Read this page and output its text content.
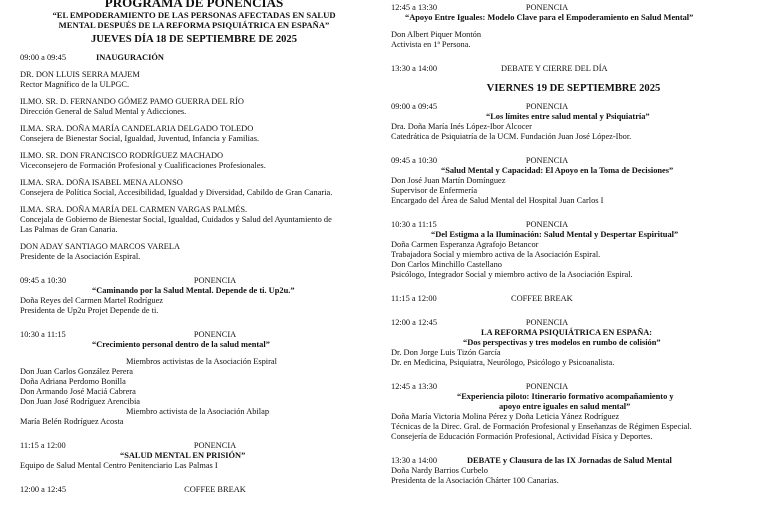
PROGRAMA DE PONENCIAS
“EL EMPODERAMIENTO DE LAS PERSONAS AFECTADAS EN SALUD
MENTAL DESPUÉS DE LA REFORMA PSIQUIÁTRICA EN ESPAÑA”
JUEVES DÍA 18 DE SEPTIEMBRE DE 2025
09:00 a 09:45	INAUGURACIÓN
DR. DON LLUIS SERRA MAJEM
Rector Magnífico de la ULPGC.
ILMO. SR. D. FERNANDO GÓMEZ PAMO GUERRA DEL RÍO
Dirección General de Salud Mental y Adicciones.
ILMA. SRA. DOÑA MARÍA CANDELARIA DELGADO TOLEDO
Consejera de Bienestar Social, Igualdad, Juventud, Infancia y Familias.
ILMO. SR. DON FRANCISCO RODRÍGUEZ MACHADO
Viceconsejero de Formación Profesional y Cualificaciones Profesionales.
ILMA. SRA. DOÑA ISABEL MENA ALONSO
Consejera de Política Social, Accesibilidad, Igualdad y Diversidad, Cabildo de Gran Canaria.
ILMA. SRA. DOÑA MARÍA DEL CARMEN VARGAS PALMÉS.
Concejala de Gobierno de Bienestar Social, Igualdad, Cuidados y Salud del Ayuntamiento de
Las Palmas de Gran Canaria.
DON ADAY SANTIAGO MARCOS VARELA
Presidente de la Asociación Espiral.
09:45 a 10:30	PONENCIA
“Caminando por la Salud Mental. Depende de ti. Up2u.”
Doña Reyes del Carmen Martel Rodríguez
Presidenta de Up2u Projet Depende de ti.
10:30 a 11:15	PONENCIA
“Crecimiento personal dentro de la salud mental”
Miembros activistas de la Asociación Espiral
Don Juan Carlos González Perera
Doña Adriana Perdomo Bonilla
Don Armando José Maciá Cabrera
Don Juan José Rodríguez Arencibia
Miembro activista de la Asociación Abilap
María Belén Rodríguez Acosta
11:15 a 12:00	PONENCIA
“SALUD MENTAL EN PRISIÓN”
Equipo de Salud Mental Centro Penitenciario Las Palmas I
12:00 a 12:45	COFFEE BREAK
12:45 a 13:30	PONENCIA
“Apoyo Entre Iguales: Modelo Clave para el Empoderamiento en Salud Mental”
Don Albert Piquer Montón
Activista en 1ª Persona.
13:30 a 14:00	DEBATE Y CIERRE DEL DÍA
VIERNES 19 DE SEPTIEMBRE 2025
09:00 a 09:45	PONENCIA
“Los límites entre salud mental y Psiquiatría”
Dra. Doña María Inés López-Ibor Alcocer
Catedrática de Psiquiatría de la UCM. Fundación Juan José López-Ibor.
09:45 a 10:30	PONENCIA
“Salud Mental y Capacidad: El Apoyo en la Toma de Decisiones”
Don José Juan Martín Domínguez
Supervisor de Enfermería
Encargado del Área de Salud Mental del Hospital Juan Carlos I
10:30 a 11:15	PONENCIA
“Del Estigma a la Iluminación: Salud Mental y Despertar Espiritual”
Doña Carmen Esperanza Agrafojo Betancor
Trabajadora Social y miembro activa de la Asociación Espiral.
Don Carlos Minchillo Castellano
Psicólogo, Integrador Social y miembro activo de la Asociación Espiral.
11:15 a 12:00	COFFEE BREAK
12:00 a 12:45	PONENCIA
LA REFORMA PSIQUIÁTRICA EN ESPAÑA:
“Dos perspectivas y tres modelos en rumbo de colisión”
Dr. Don Jorge Luis Tizón García
Dr. en Medicina, Psiquiatra, Neurólogo, Psicólogo y Psicoanalista.
12:45 a 13:30	PONENCIA
“Experiencia piloto: Itinerario formativo acompañamiento y
apoyo entre iguales en salud mental”
Doña María Victoria Molina Pérez y Doña Leticia Yánez Rodríguez
Técnicas de la Direc. Gral. de Formación Profesional y Enseñanzas de Régimen Especial.
Consejería de Educación Formación Profesional, Actividad Física y Deportes.
13:30 a 14:00	DEBATE y Clausura de las IX Jornadas de Salud Mental
Doña Nardy Barrios Curbelo
Presidenta de la Asociación Chárter 100 Canarias.
